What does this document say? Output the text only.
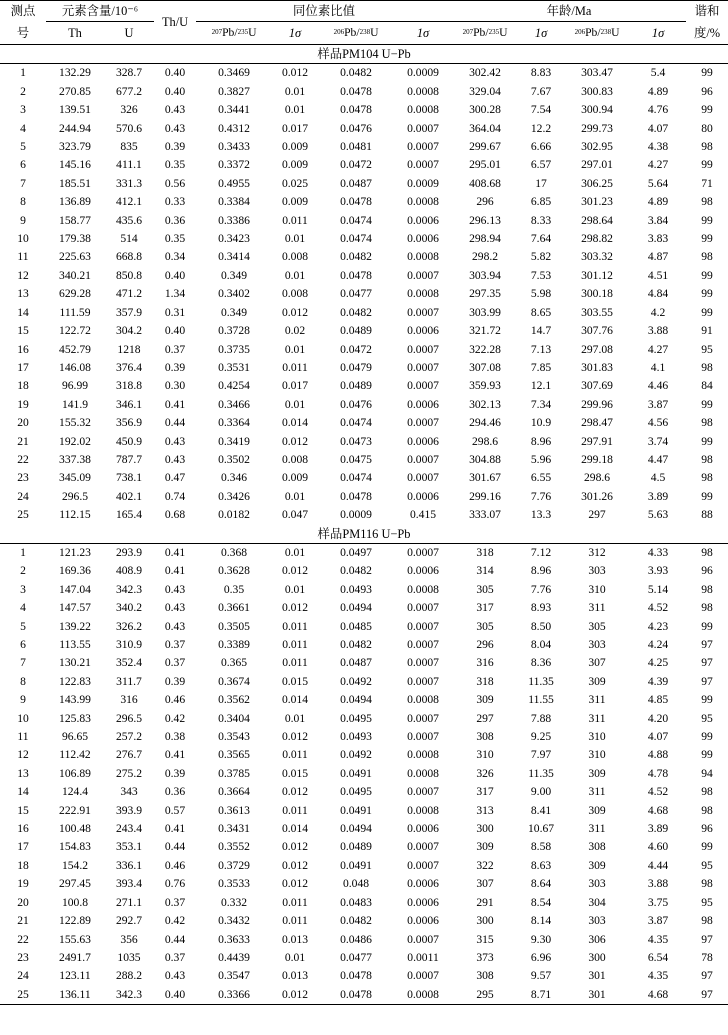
测点	元素含量/10⁻⁶		Th/U	同位素比值				年龄/Ma				谐和
号	Th	U		$^{207}$Pb/$^{235}$U	1σ	$^{206}$Pb/$^{238}$U	1σ	$^{207}$Pb/$^{235}$U	1σ	$^{206}$Pb/$^{238}$U	1σ	度/%
样品PM104 U−Pb												
1	132.29	328.7	0.40	0.3469	0.012	0.0482	0.0009	302.42	8.83	303.47	5.4	99
2	270.85	677.2	0.40	0.3827	0.01	0.0478	0.0008	329.04	7.67	300.83	4.89	96
3	139.51	326	0.43	0.3441	0.01	0.0478	0.0008	300.28	7.54	300.94	4.76	99
4	244.94	570.6	0.43	0.4312	0.017	0.0476	0.0007	364.04	12.2	299.73	4.07	80
5	323.79	835	0.39	0.3433	0.009	0.0481	0.0007	299.67	6.66	302.95	4.38	98
6	145.16	411.1	0.35	0.3372	0.009	0.0472	0.0007	295.01	6.57	297.01	4.27	99
7	185.51	331.3	0.56	0.4955	0.025	0.0487	0.0009	408.68	17	306.25	5.64	71
8	136.89	412.1	0.33	0.3384	0.009	0.0478	0.0008	296	6.85	301.23	4.89	98
9	158.77	435.6	0.36	0.3386	0.011	0.0474	0.0006	296.13	8.33	298.64	3.84	99
10	179.38	514	0.35	0.3423	0.01	0.0474	0.0006	298.94	7.64	298.82	3.83	99
11	225.63	668.8	0.34	0.3414	0.008	0.0482	0.0008	298.2	5.82	303.32	4.87	98
12	340.21	850.8	0.40	0.349	0.01	0.0478	0.0007	303.94	7.53	301.12	4.51	99
13	629.28	471.2	1.34	0.3402	0.008	0.0477	0.0008	297.35	5.98	300.18	4.84	99
14	111.59	357.9	0.31	0.349	0.012	0.0482	0.0007	303.99	8.65	303.55	4.2	99
15	122.72	304.2	0.40	0.3728	0.02	0.0489	0.0006	321.72	14.7	307.76	3.88	91
16	452.79	1218	0.37	0.3735	0.01	0.0472	0.0007	322.28	7.13	297.08	4.27	95
17	146.08	376.4	0.39	0.3531	0.011	0.0479	0.0007	307.08	7.85	301.83	4.1	98
18	96.99	318.8	0.30	0.4254	0.017	0.0489	0.0007	359.93	12.1	307.69	4.46	84
19	141.9	346.1	0.41	0.3466	0.01	0.0476	0.0006	302.13	7.34	299.96	3.87	99
20	155.32	356.9	0.44	0.3364	0.014	0.0474	0.0007	294.46	10.9	298.47	4.56	98
21	192.02	450.9	0.43	0.3419	0.012	0.0473	0.0006	298.6	8.96	297.91	3.74	99
22	337.38	787.7	0.43	0.3502	0.008	0.0475	0.0007	304.88	5.96	299.18	4.47	98
23	345.09	738.1	0.47	0.346	0.009	0.0474	0.0007	301.67	6.55	298.6	4.5	98
24	296.5	402.1	0.74	0.3426	0.01	0.0478	0.0006	299.16	7.76	301.26	3.89	99
25	112.15	165.4	0.68	0.0182	0.047	0.0009	0.415	333.07	13.3	297	5.63	88
样品PM116 U−Pb												
1	121.23	293.9	0.41	0.368	0.01	0.0497	0.0007	318	7.12	312	4.33	98
2	169.36	408.9	0.41	0.3628	0.012	0.0482	0.0006	314	8.96	303	3.93	96
3	147.04	342.3	0.43	0.35	0.01	0.0493	0.0008	305	7.76	310	5.14	98
4	147.57	340.2	0.43	0.3661	0.012	0.0494	0.0007	317	8.93	311	4.52	98
5	139.22	326.2	0.43	0.3505	0.011	0.0485	0.0007	305	8.50	305	4.23	99
6	113.55	310.9	0.37	0.3389	0.011	0.0482	0.0007	296	8.04	303	4.24	97
7	130.21	352.4	0.37	0.365	0.011	0.0487	0.0007	316	8.36	307	4.25	97
8	122.83	311.7	0.39	0.3674	0.015	0.0492	0.0007	318	11.35	309	4.39	97
9	143.99	316	0.46	0.3562	0.014	0.0494	0.0008	309	11.55	311	4.85	99
10	125.83	296.5	0.42	0.3404	0.01	0.0495	0.0007	297	7.88	311	4.20	95
11	96.65	257.2	0.38	0.3543	0.012	0.0493	0.0007	308	9.25	310	4.07	99
12	112.42	276.7	0.41	0.3565	0.011	0.0492	0.0008	310	7.97	310	4.88	99
13	106.89	275.2	0.39	0.3785	0.015	0.0491	0.0008	326	11.35	309	4.78	94
14	124.4	343	0.36	0.3664	0.012	0.0495	0.0007	317	9.00	311	4.52	98
15	222.91	393.9	0.57	0.3613	0.011	0.0491	0.0008	313	8.41	309	4.68	98
16	100.48	243.4	0.41	0.3431	0.014	0.0494	0.0006	300	10.67	311	3.89	96
17	154.83	353.1	0.44	0.3552	0.012	0.0489	0.0007	309	8.58	308	4.60	99
18	154.2	336.1	0.46	0.3729	0.012	0.0491	0.0007	322	8.63	309	4.44	95
19	297.45	393.4	0.76	0.3533	0.012	0.048	0.0006	307	8.64	303	3.88	98
20	100.8	271.1	0.37	0.332	0.011	0.0483	0.0006	291	8.54	304	3.75	95
21	122.89	292.7	0.42	0.3432	0.011	0.0482	0.0006	300	8.14	303	3.87	98
22	155.63	356	0.44	0.3633	0.013	0.0486	0.0007	315	9.30	306	4.35	97
23	2491.7	1035	0.37	0.4439	0.01	0.0477	0.0011	373	6.96	300	6.54	78
24	123.11	288.2	0.43	0.3547	0.013	0.0478	0.0007	308	9.57	301	4.35	97
25	136.11	342.3	0.40	0.3366	0.012	0.0478	0.0008	295	8.71	301	4.68	97
